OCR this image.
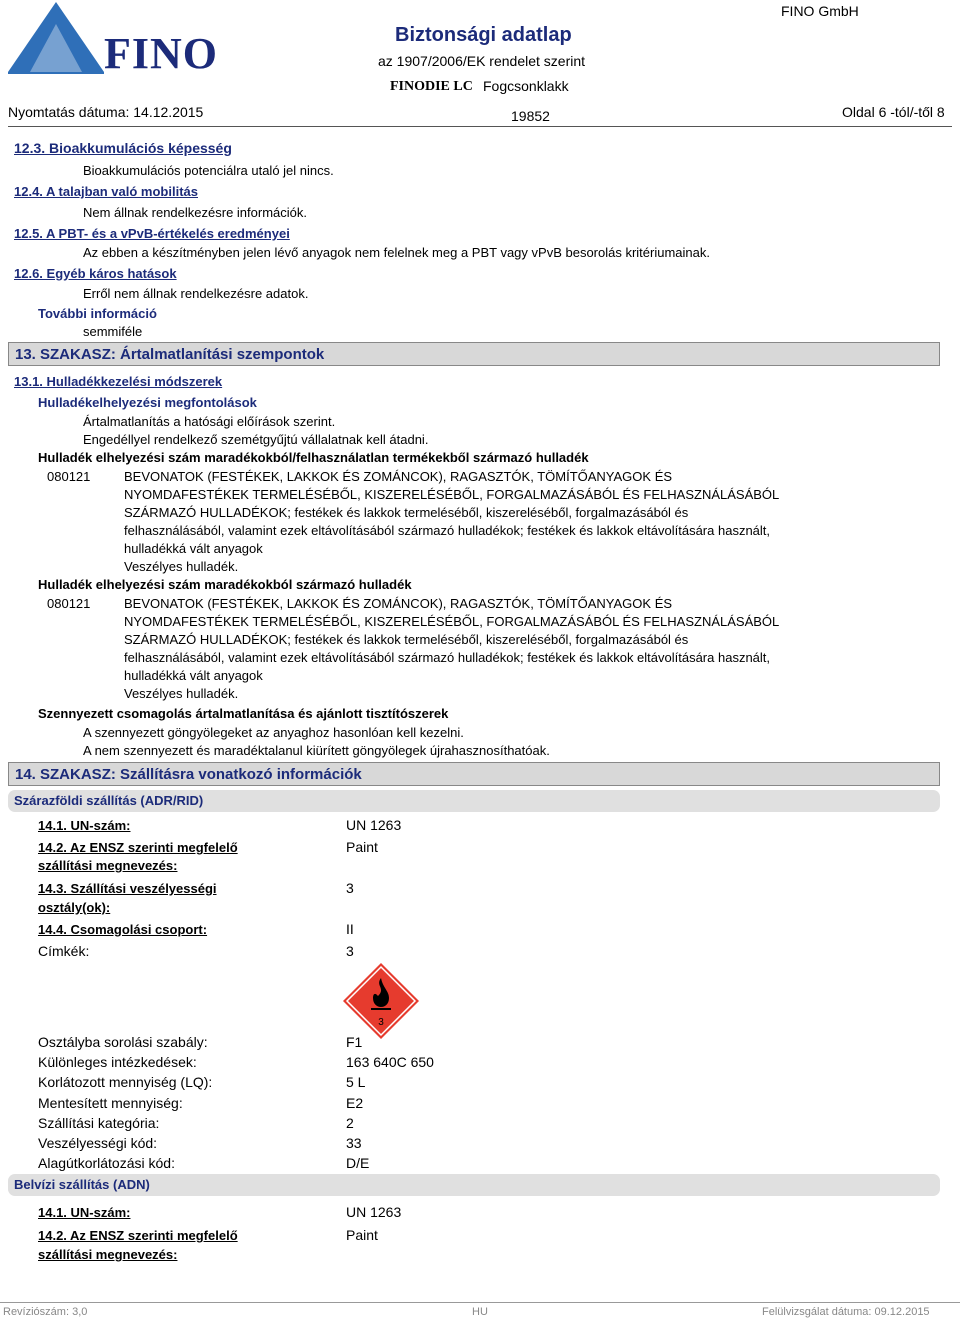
FINO	Biztonsági adatlap
az 1907/2006/EK rendelet szerint
FINODIE LC Fogcsonklakk
FINO GmbH
Nyomtatás dátuma: 14.12.2015	19852	Oldal 6 -tól/-től 8
12.3. Bioakkumulációs képesség
Bioakkumulációs potenciálra utaló jel nincs.
12.4. A talajban való mobilitás
Nem állnak rendelkezésre információk.
12.5. A PBT- és a vPvB-értékelés eredményei
Az ebben a készítményben jelen lévő anyagok nem felelnek meg a PBT vagy vPvB besorolás kritériumainak.
12.6. Egyéb káros hatások
Erről nem állnak rendelkezésre adatok.
További információ
semmiféle
13. SZAKASZ: Ártalmatlanítási szempontok
13.1. Hulladékkezelési módszerek
Hulladékelhelyezési megfontolások
Ártalmatlanítás a hatósági előírások szerint.
Engedéllyel rendelkező szemétgyűjtú vállalatnak kell átadni.
Hulladék elhelyezési szám maradékokból/felhasználatlan termékekből származó hulladék
080121	BEVONATOK (FESTÉKEK, LAKKOK ÉS ZOMÁNCOK), RAGASZTÓK, TÖMÍTŐANYAGOK ÉS
NYOMDAFESTÉKEK TERMELÉSÉBŐL, KISZERELÉSÉBŐL, FORGALMAZÁSÁBÓL ÉS FELHASZNÁLÁSÁBÓL
SZÁRMAZÓ HULLADÉKOK; festékek és lakkok termeléséből, kiszereléséből, forgalmazásából és
felhasználásából, valamint ezek eltávolításából származó hulladékok; festékek és lakkok eltávolítására használt,
hulladékká vált anyagok
Veszélyes hulladék.
Hulladék elhelyezési szám maradékokból származó hulladék
080121	BEVONATOK (FESTÉKEK, LAKKOK ÉS ZOMÁNCOK), RAGASZTÓK, TÖMÍTŐANYAGOK ÉS
NYOMDAFESTÉKEK TERMELÉSÉBŐL, KISZERELÉSÉBŐL, FORGALMAZÁSÁBÓL ÉS FELHASZNÁLÁSÁBÓL
SZÁRMAZÓ HULLADÉKOK; festékek és lakkok termeléséből, kiszereléséből, forgalmazásából és
felhasználásából, valamint ezek eltávolításából származó hulladékok; festékek és lakkok eltávolítására használt,
hulladékká vált anyagok
Veszélyes hulladék.
Szennyezett csomagolás ártalmatlanítása és ajánlott tisztítószerek
A szennyezett göngyölegeket az anyaghoz hasonlóan kell kezelni.
A nem szennyezett és maradéktalanul kiürített göngyölegek újrahasznosíthatóak.
14. SZAKASZ: Szállításra vonatkozó információk
Szárazföldi szállítás (ADR/RID)
14.1. UN-szám:	UN 1263
14.2. Az ENSZ szerinti megfelelő
szállítási megnevezés:
Paint
14.3. Szállítási veszélyességi
osztály(ok):
3
14.4. Csomagolási csoport:	II
Címkék:	3
3
Osztályba sorolási szabály:	F1
Különleges intézkedések:	163 640C 650
Korlátozott mennyiség (LQ):	5 L
Mentesített mennyiség:	E2
Szállítási kategória:	2
Veszélyességi kód:	33
Alagútkorlátozási kód:	D/E
Belvízi szállítás (ADN)
14.1. UN-szám:	UN 1263
14.2. Az ENSZ szerinti megfelelő
szállítási megnevezés:
Paint
Revíziószám: 3,0	HU	Felülvizsgálat dátuma: 09.12.2015
